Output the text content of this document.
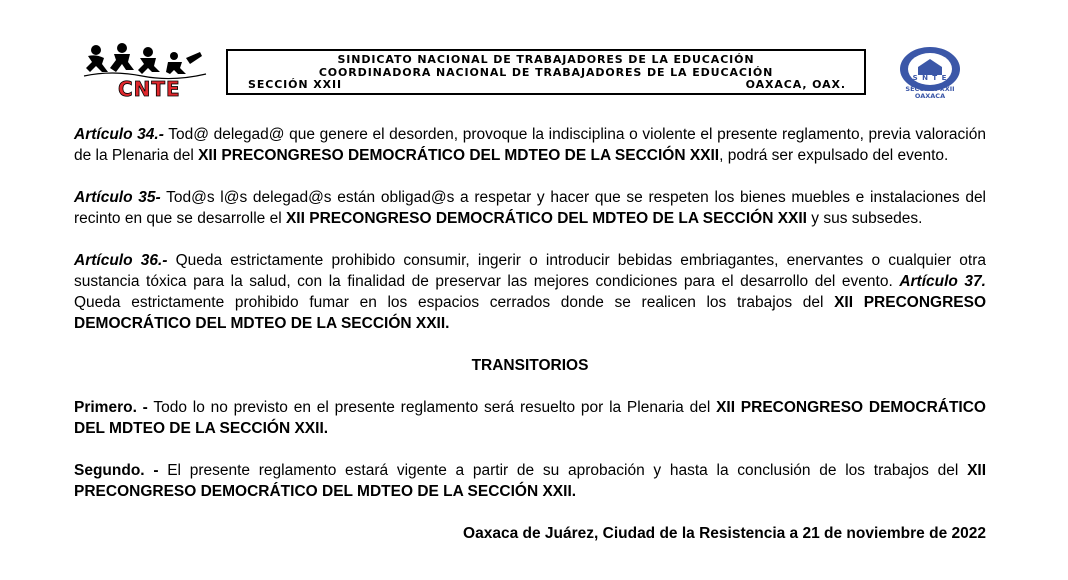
CNTE
SINDICATO NACIONAL DE TRABAJADORES DE LA EDUCACIÓN
COORDINADORA NACIONAL DE TRABAJADORES DE LA EDUCACIÓN
SECCIÓN XXII	OAXACA, OAX.	S N T E
SECCIÓN XXII
OAXACA

Artículo 34.- Tod@ delegad@ que genere el desorden, provoque la indisciplina o violente el presente reglamento, previa valoración de la Plenaria del XII PRECONGRESO DEMOCRÁTICO DEL MDTEO DE LA SECCIÓN XXII, podrá ser expulsado del evento.

Artículo 35- Tod@s l@s delegad@s están obligad@s a respetar y hacer que se respeten los bienes muebles e instalaciones del recinto en que se desarrolle el XII PRECONGRESO DEMOCRÁTICO DEL MDTEO DE LA SECCIÓN XXII y sus subsedes.

Artículo 36.- Queda estrictamente prohibido consumir, ingerir o introducir bebidas embriagantes, enervantes o cualquier otra sustancia tóxica para la salud, con la finalidad de preservar las mejores condiciones para el desarrollo del evento. Artículo 37. Queda estrictamente prohibido fumar en los espacios cerrados donde se realicen los trabajos del XII PRECONGRESO DEMOCRÁTICO DEL MDTEO DE LA SECCIÓN XXII.

TRANSITORIOS

Primero. - Todo lo no previsto en el presente reglamento será resuelto por la Plenaria del XII PRECONGRESO DEMOCRÁTICO DEL MDTEO DE LA SECCIÓN XXII.

Segundo. - El presente reglamento estará vigente a partir de su aprobación y hasta la conclusión de los trabajos del XII PRECONGRESO DEMOCRÁTICO DEL MDTEO DE LA SECCIÓN XXII.

Oaxaca de Juárez, Ciudad de la Resistencia a 21 de noviembre de 2022
